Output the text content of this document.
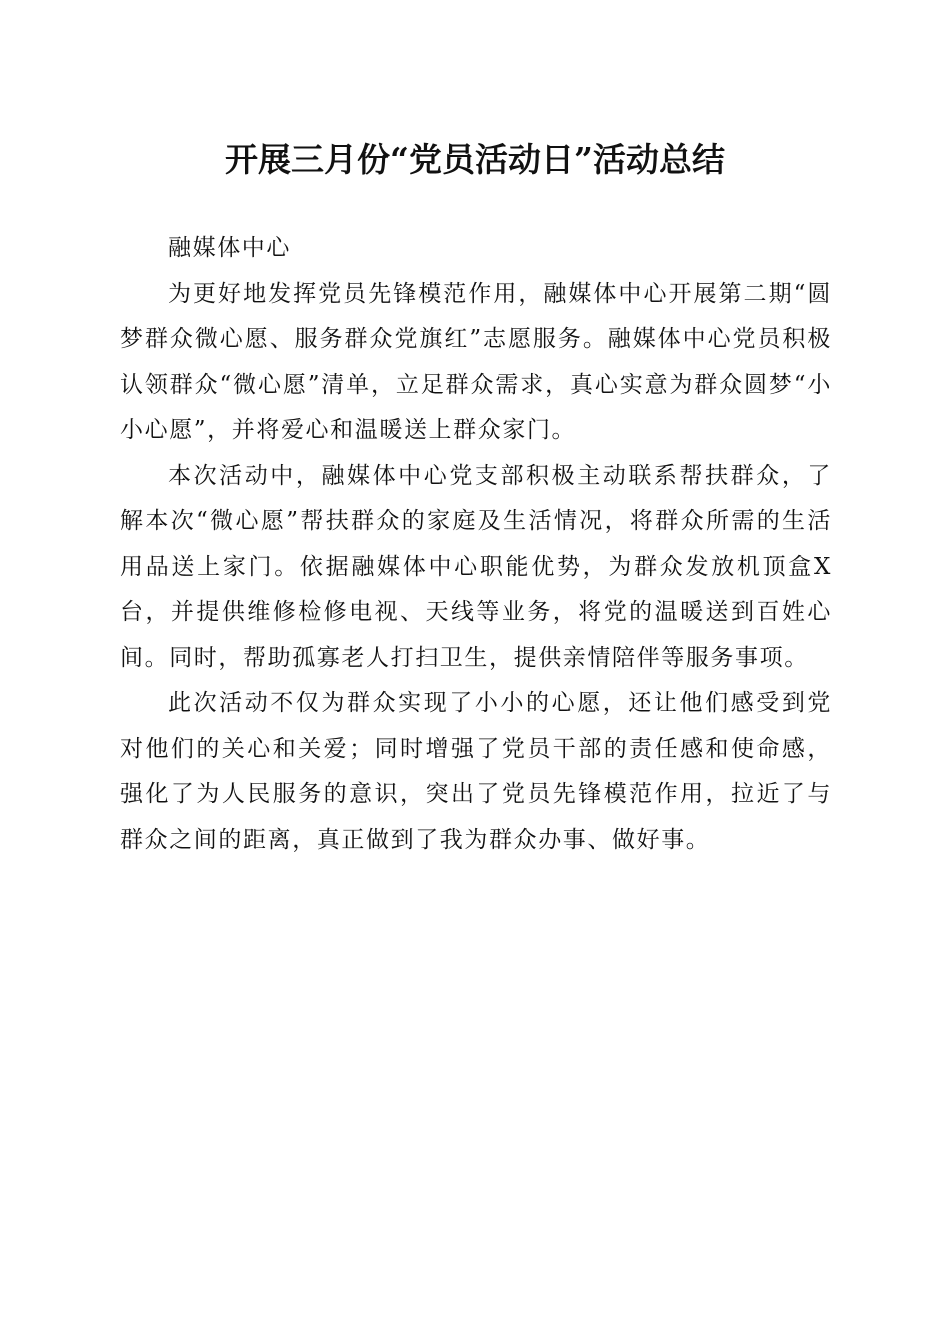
开展三月份“党员活动日”活动总结

融媒体中心

为更好地发挥党员先锋模范作用，融媒体中心开展第二期“圆梦群众微心愿、服务群众党旗红”志愿服务。融媒体中心党员积极认领群众“微心愿”清单，立足群众需求，真心实意为群众圆梦“小小心愿”，并将爱心和温暖送上群众家门。

本次活动中，融媒体中心党支部积极主动联系帮扶群众，了解本次“微心愿”帮扶群众的家庭及生活情况，将群众所需的生活用品送上家门。依据融媒体中心职能优势，为群众发放机顶盒X台，并提供维修检修电视、天线等业务，将党的温暖送到百姓心间。同时，帮助孤寡老人打扫卫生，提供亲情陪伴等服务事项。

此次活动不仅为群众实现了小小的心愿，还让他们感受到党对他们的关心和关爱；同时增强了党员干部的责任感和使命感，强化了为人民服务的意识，突出了党员先锋模范作用，拉近了与群众之间的距离，真正做到了我为群众办事、做好事。
